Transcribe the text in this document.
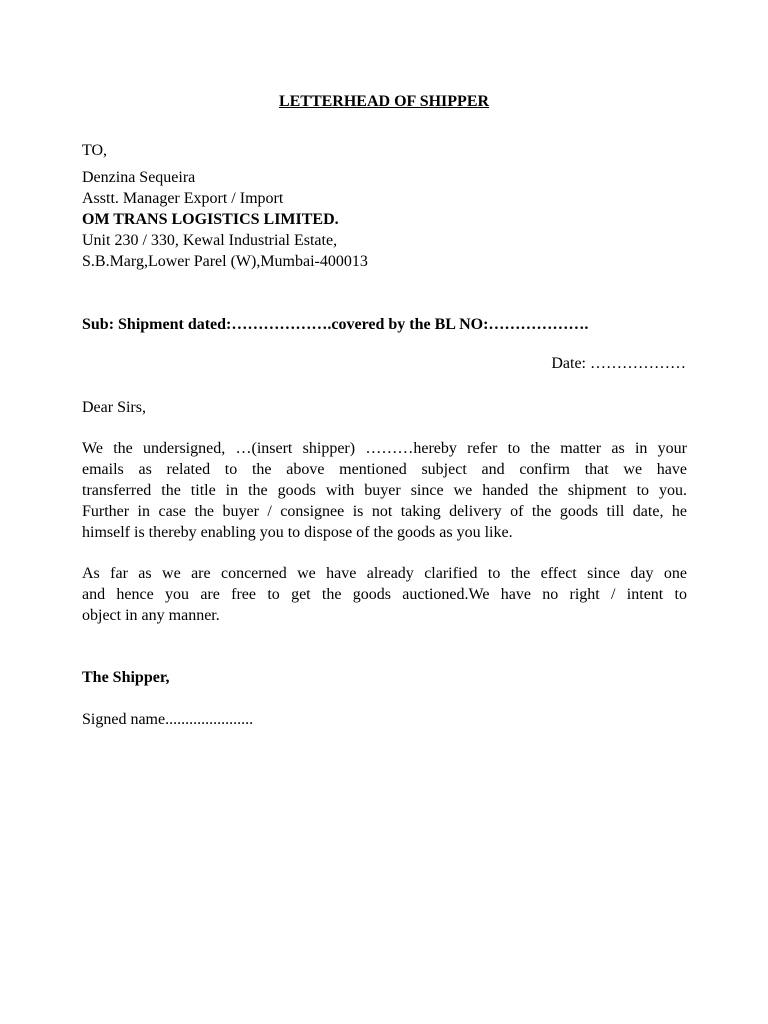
LETTERHEAD OF SHIPPER
TO,
Denzina Sequeira
Asstt. Manager Export / Import
OM TRANS LOGISTICS LIMITED.
Unit 230 / 330, Kewal Industrial Estate,
S.B.Marg,Lower Parel (W),Mumbai-400013
Sub: Shipment dated:……………….covered by the BL NO:……………….
Date: ………………
Dear Sirs,
We the undersigned, …(insert shipper) ………hereby refer to the matter as in your
emails as related to the above mentioned subject and confirm that we have
transferred the title in the goods with buyer since we handed the shipment to you.
Further in case the buyer / consignee is not taking delivery of the goods till date, he
himself is thereby enabling you to dispose of the goods as you like.
As far as we are concerned we have already clarified to the effect since day one
and hence you are free to get the goods auctioned.We have no right / intent to
object in any manner.
The Shipper,
Signed name......................
